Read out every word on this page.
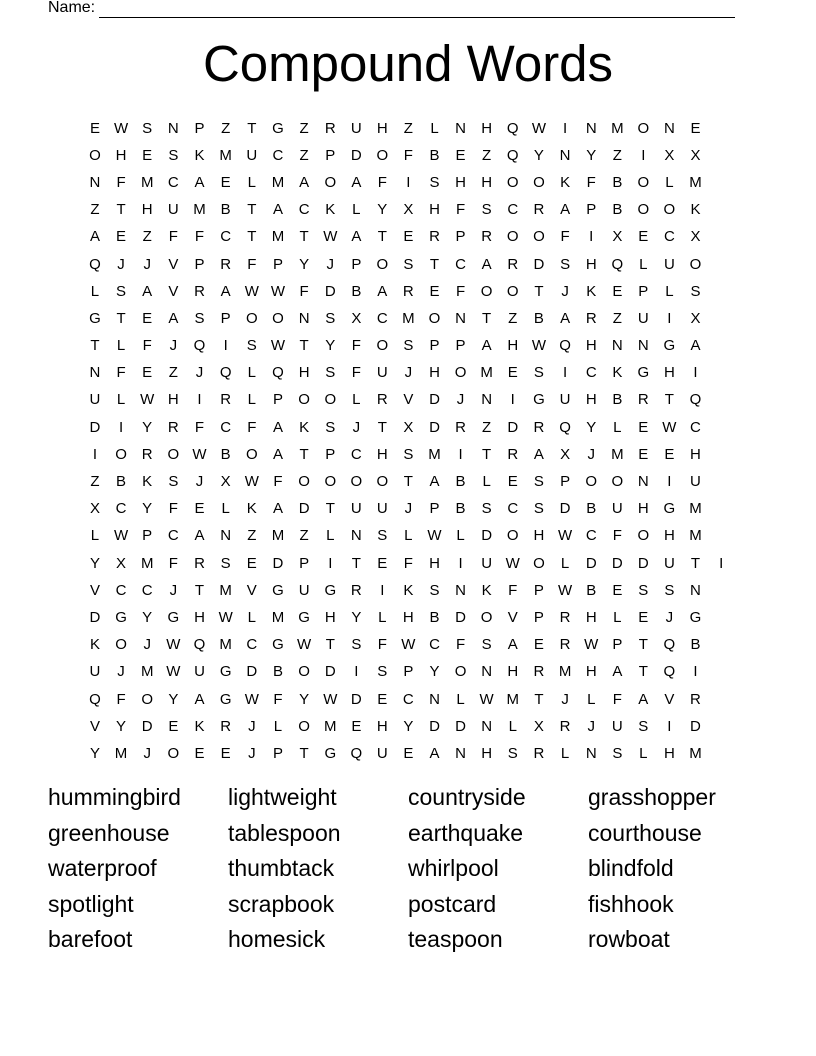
Name:
Compound Words
E	W	S	N	P	Z	T	G	Z	R	U	H	Z	L	N	H	Q	W	I	N	M	O	N	E	
O	H	E	S	K	M	U	C	Z	P	D	O	F	B	E	Z	Q	Y	N	Y	Z	I	X	X	
N	F	M	C	A	E	L	M	A	O	A	F	I	S	H	H	O	O	K	F	B	O	L	M	
Z	T	H	U	M	B	T	A	C	K	L	Y	X	H	F	S	C	R	A	P	B	O	O	K	
A	E	Z	F	F	C	T	M	T	W	A	T	E	R	P	R	O	O	F	I	X	E	C	X	
Q	J	J	V	P	R	F	P	Y	J	P	O	S	T	C	A	R	D	S	H	Q	L	U	O	
L	S	A	V	R	A	W	W	F	D	B	A	R	E	F	O	O	T	J	K	E	P	L	S	
G	T	E	A	S	P	O	O	N	S	X	C	M	O	N	T	Z	B	A	R	Z	U	I	X	
T	L	F	J	Q	I	S	W	T	Y	F	O	S	P	P	A	H	W	Q	H	N	N	G	A	
N	F	E	Z	J	Q	L	Q	H	S	F	U	J	H	O	M	E	S	I	C	K	G	H	I	
U	L	W	H	I	R	L	P	O	O	L	R	V	D	J	N	I	G	U	H	B	R	T	Q	
D	I	Y	R	F	C	F	A	K	S	J	T	X	D	R	Z	D	R	Q	Y	L	E	W	C	
I	O	R	O	W	B	O	A	T	P	C	H	S	M	I	T	R	A	X	J	M	E	E	H	
Z	B	K	S	J	X	W	F	O	O	O	O	T	A	B	L	E	S	P	O	O	N	I	U	
X	C	Y	F	E	L	K	A	D	T	U	U	J	P	B	S	C	S	D	B	U	H	G	M	
L	W	P	C	A	N	Z	M	Z	L	N	S	L	W	L	D	O	H	W	C	F	O	H	M	
Y	X	M	F	R	S	E	D	P	I	T	E	F	H	I	U	W	O	L	D	D	D	U	T	I
V	C	C	J	T	M	V	G	U	G	R	I	K	S	N	K	F	P	W	B	E	S	S	N	
D	G	Y	G	H	W	L	M	G	H	Y	L	H	B	D	O	V	P	R	H	L	E	J	G	
K	O	J	W	Q	M	C	G	W	T	S	F	W	C	F	S	A	E	R	W	P	T	Q	B	
U	J	M	W	U	G	D	B	O	D	I	S	P	Y	O	N	H	R	M	H	A	T	Q	I	
Q	F	O	Y	A	G	W	F	Y	W	D	E	C	N	L	W	M	T	J	L	F	A	V	R	
V	Y	D	E	K	R	J	L	O	M	E	H	Y	D	D	N	L	X	R	J	U	S	I	D	
Y	M	J	O	E	E	J	P	T	G	Q	U	E	A	N	H	S	R	L	N	S	L	H	M	
hummingbird
greenhouse
waterproof
spotlight
barefoot
lightweight
tablespoon
thumbtack
scrapbook
homesick
countryside
earthquake
whirlpool
postcard
teaspoon
grasshopper
courthouse
blindfold
fishhook
rowboat
